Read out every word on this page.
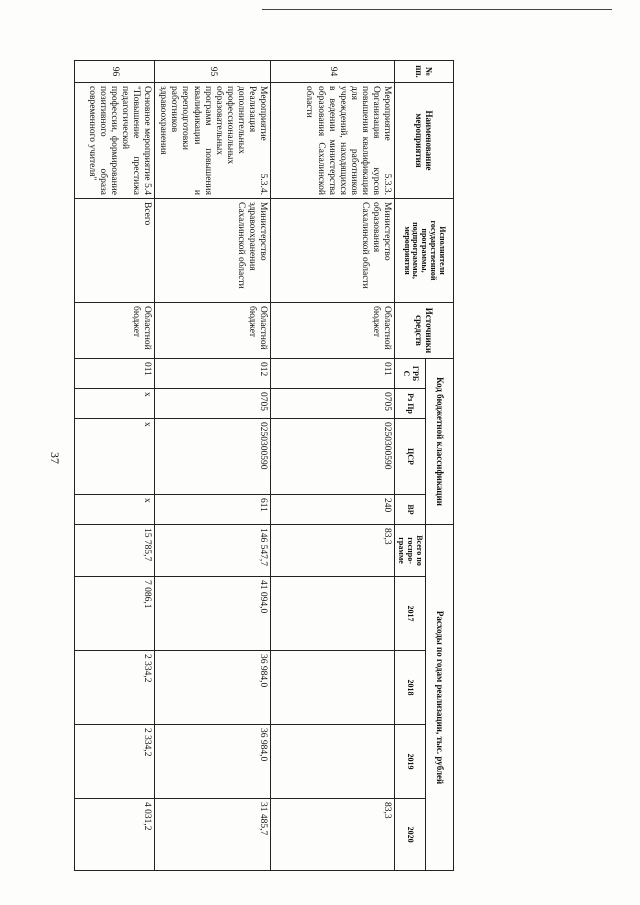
37
№ пп.	Наименование мероприятия	Исполнители государственной программы, подпрограммы, мероприятия	Источники средств	Код бюджетной классификации				Расходы по годам реализации, тыс. рублей				
				ГРБ С	Рз Пр	ЦСР	ВР	Всего по госпро-грамме	2017	2018	2019	2020
94	Мероприятие 5.3.3. Организация курсов повышения квалификации для работников учреждений, находящихся в ведении министерства образования Сахалинской области	Министерство образования Сахалинской области	Областной бюджет	011	0705	0250300590	240	83,3				83,3
95	Мероприятие 5.3.4. Реализация дополнительных профессиональных образовательных программ повышения квалификации и переподготовки работников здравоохранения	Министерство здравоохранения Сахалинской области	Областной бюджет	012	0705	0250300590	611	146 547,7	41 094,0	36 984,0	36 984,0	31 485,7
96	Основное мероприятие 5.4 "Повышение престижа педагогической профессии, формирование позитивного образа современного учителя"	Всего	Областной бюджет	011	х	х	х	15 785,7	7 086,1	2 334,2	2 334,2	4 031,2
